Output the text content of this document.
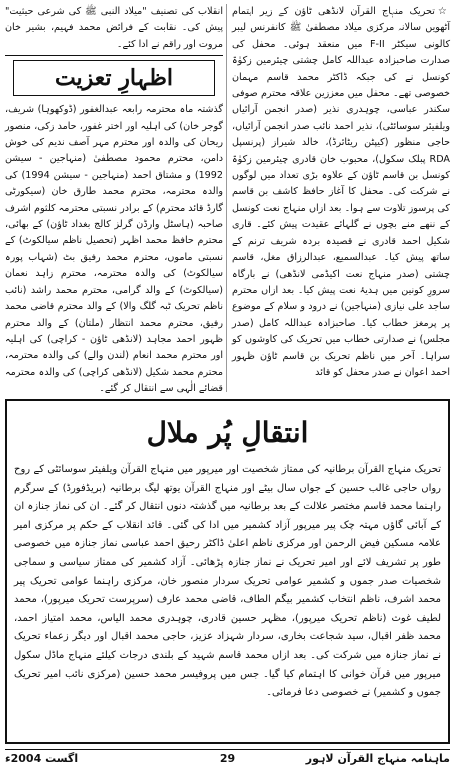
☆تحریک منہاج القرآن لانڈھی ٹاؤن کے زیر اہتمام آٹھویں سالانہ مرکزی میلاد مصطفیٰ ﷺ کانفرنس لیبر کالونی سیکٹر F-II میں منعقد ہوئی۔ محفل کی صدارت صاحبزادہ عبداللہ کامل چشتی چیئرمین زکوٰۃ کونسل نے کی جبکہ ڈاکٹر محمد قاسم مہمان خصوصی تھے۔ محفل میں معززین علاقہ محترم صوفی سکندر عباسی، چوہدری نذیر (صدر انجمن آرائیاں ویلفیئر سوسائٹی)، نذیر احمد نائب صدر انجمن آرائیاں، حاجی منظور (کیپٹن ریٹائرڈ)، خالد شیراز (پرنسپل RDA پبلک سکول)، محبوب خان قادری چیئرمین زکوٰۃ کونسل بن قاسم ٹاؤن کے علاوہ بڑی تعداد میں لوگوں نے شرکت کی۔ محفل کا آغاز حافظ کاشف بن قاسم کی پرسوز تلاوت سے ہوا۔ بعد ازاں منہاج نعت کونسل کے ننھے منے بچوں نے گلہائے عقیدت پیش کئے۔ قاری شکیل احمد قادری نے قصیدہ بردہ شریف ترنم کے ساتھ پیش کیا۔ عبدالسمیع، عبدالرزاق مغل، قاسم چشتی (صدر منہاج نعت اکیڈمی لانڈھی) نے بارگاہ سرورِ کونین میں ہدیۂ نعت پیش کیا۔ بعد ازاں محترم ساجد علی نیازی (منہاجین) نے درود و سلام کے موضوع پر پرمغز خطاب کیا۔ صاحبزادہ عبداللہ کامل (صدر مجلس) نے صدارتی خطاب میں تحریک کی کاوشوں کو سراہا۔ آخر میں ناظم تحریک بن قاسم ٹاؤن ظہور احمد اعوان نے صدر محفل کو قائد

انقلاب کی تصنیف "میلاد النبی ﷺ کی شرعی حیثیت" پیش کی۔ نقابت کے فرائض محمد فہیم، بشیر خان مروت اور راقم نے ادا کئے۔

اظہارِ تعزیت

گذشتہ ماہ محترمہ رابعہ عبدالغفور (ڈوکھوہا) شریف، گوجر خان) کی اہلیہ اور اختر غفور، حامد زکی، منصور ریحان کی والدہ اور محترم مہر آصف ندیم کی خوش دامن، محترم محمود مصطفیٰ (منہاجین - سیشن 1992) و مشتاق احمد (منہاجین - سیشن 1994) کی والدہ محترمہ، محترم محمد طارق خان (سیکورٹی گارڈ قائد محترم) کے برادر نسبتی محترمہ کلثوم اشرف صاحبہ (ہاسٹل وارڈن گرلز کالج بغداد ٹاؤن) کے بھائی، محترم حافظ محمد اظہر (تحصیل ناظم سیالکوٹ) کے نسبتی ماموں، محترم محمد رفیق بٹ (شہاب پورہ سیالکوٹ) کی والدہ محترمہ، محترم زاہد نعمان (سیالکوٹ) کے والد گرامی، محترم محمد راشد (نائب ناظم تحریک ٹبہ گلگ والا) کے والد محترم قاضی محمد رفیق، محترم محمد انتظار (ملتان) کے والد محترم ظہور احمد مجاہد (لانڈھی ٹاؤن - کراچی) کی اہلیہ اور محترم محمد انعام (لندن والے) کی والدہ محترمہ، محترم محمد شکیل (لانڈھی کراچی) کی والدہ محترمہ قضائے الٰہی سے انتقال کر گئے۔

انتقالِ پُر ملال

تحریک منہاج القرآن برطانیہ کی ممتاز شخصیت اور میرپور میں منہاج القرآن ویلفیئر سوسائٹی کے روح رواں حاجی غالب حسین کے جواں سال بیٹے اور منہاج القرآن یوتھ لیگ برطانیہ (بریڈفورڈ) کے سرگرم راہنما محمد قاسم مختصر علالت کے بعد برطانیہ میں گذشتہ دنوں انتقال کر گئے۔ ان کی نماز جنازہ ان کے آبائی گاؤں مہتہ چک پیر میرپور آزاد کشمیر میں ادا کی گئی۔ قائد انقلاب کے حکم پر مرکزی امیر علامہ مسکین فیض الرحمن اور مرکزی ناظم اعلیٰ ڈاکٹر رحیق احمد عباسی نماز جنازہ میں خصوصی طور پر تشریف لائے اور امیر تحریک نے نماز جنازہ پڑھائی۔ آزاد کشمیر کی ممتاز سیاسی و سماجی شخصیات صدر جموں و کشمیر عوامی تحریک سردار منصور خان، مرکزی راہنما عوامی تحریک پیر محمد اشرف، ناظم انتخاب کشمیر بیگم الطاف، قاضی محمد عارف (سرپرست تحریک میرپور)، محمد لطیف غوث (ناظم تحریک میرپور)، مظہر حسین قادری، چوہدری محمد الیاس، محمد امتیاز احمد، محمد ظفر اقبال، سید شجاعت بخاری، سردار شہزاد عزیز، حاجی محمد اقبال اور دیگر زعماء تحریک نے نماز جنازہ میں شرکت کی۔ بعد ازاں محمد قاسم شہید کے بلندی درجات کیلئے منہاج ماڈل سکول میرپور میں قرآن خوانی کا اہتمام کیا گیا۔ جس میں پروفیسر محمد حسین (مرکزی نائب امیر تحریک جموں و کشمیر) نے خصوصی دعا فرمائی۔

ماہنامہ منہاج القرآن لاہور
29
اگست 2004ء
